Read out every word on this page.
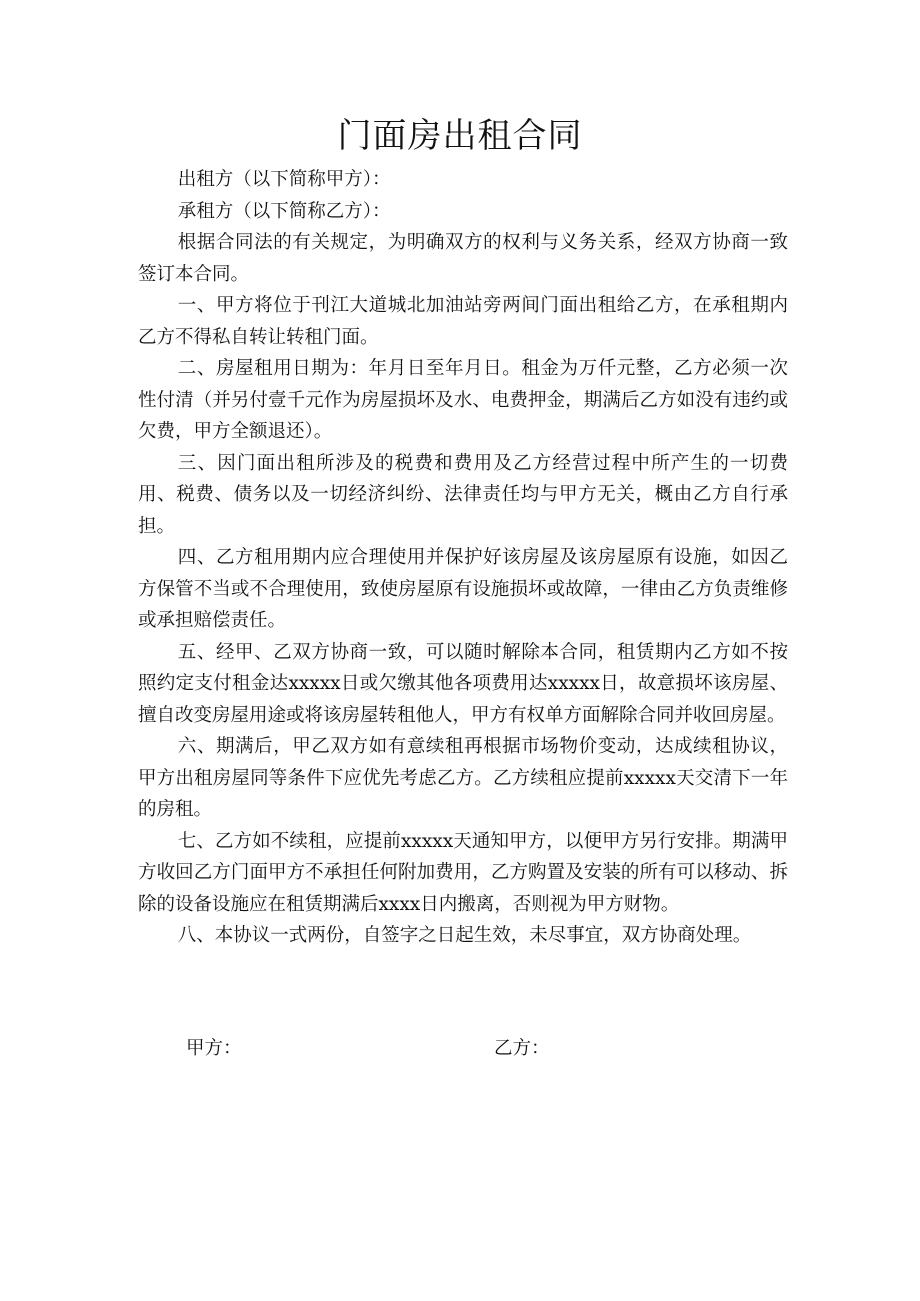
门面房出租合同

出租方（以下简称甲方）：

承租方（以下简称乙方）：

根据合同法的有关规定，为明确双方的权利与义务关系，经双方协商一致签订本合同。

一、甲方将位于刊江大道城北加油站旁两间门面出租给乙方，在承租期内乙方不得私自转让转租门面。

二、房屋租用日期为：年月日至年月日。租金为万仟元整，乙方必须一次性付清（并另付壹千元作为房屋损坏及水、电费押金，期满后乙方如没有违约或欠费，甲方全额退还）。

三、因门面出租所涉及的税费和费用及乙方经营过程中所产生的一切费用、税费、债务以及一切经济纠纷、法律责任均与甲方无关，概由乙方自行承担。

四、乙方租用期内应合理使用并保护好该房屋及该房屋原有设施，如因乙方保管不当或不合理使用，致使房屋原有设施损坏或故障，一律由乙方负责维修或承担赔偿责任。

五、经甲、乙双方协商一致，可以随时解除本合同，租赁期内乙方如不按照约定支付租金达xxxxx日或欠缴其他各项费用达xxxxx日，故意损坏该房屋、擅自改变房屋用途或将该房屋转租他人，甲方有权单方面解除合同并收回房屋。

六、期满后，甲乙双方如有意续租再根据市场物价变动，达成续租协议，甲方出租房屋同等条件下应优先考虑乙方。乙方续租应提前xxxxx天交清下一年的房租。

七、乙方如不续租，应提前xxxxx天通知甲方，以便甲方另行安排。期满甲方收回乙方门面甲方不承担任何附加费用，乙方购置及安装的所有可以移动、拆除的设备设施应在租赁期满后xxxx日内搬离，否则视为甲方财物。

八、本协议一式两份，自签字之日起生效，未尽事宜，双方协商处理。

甲方：	乙方：
